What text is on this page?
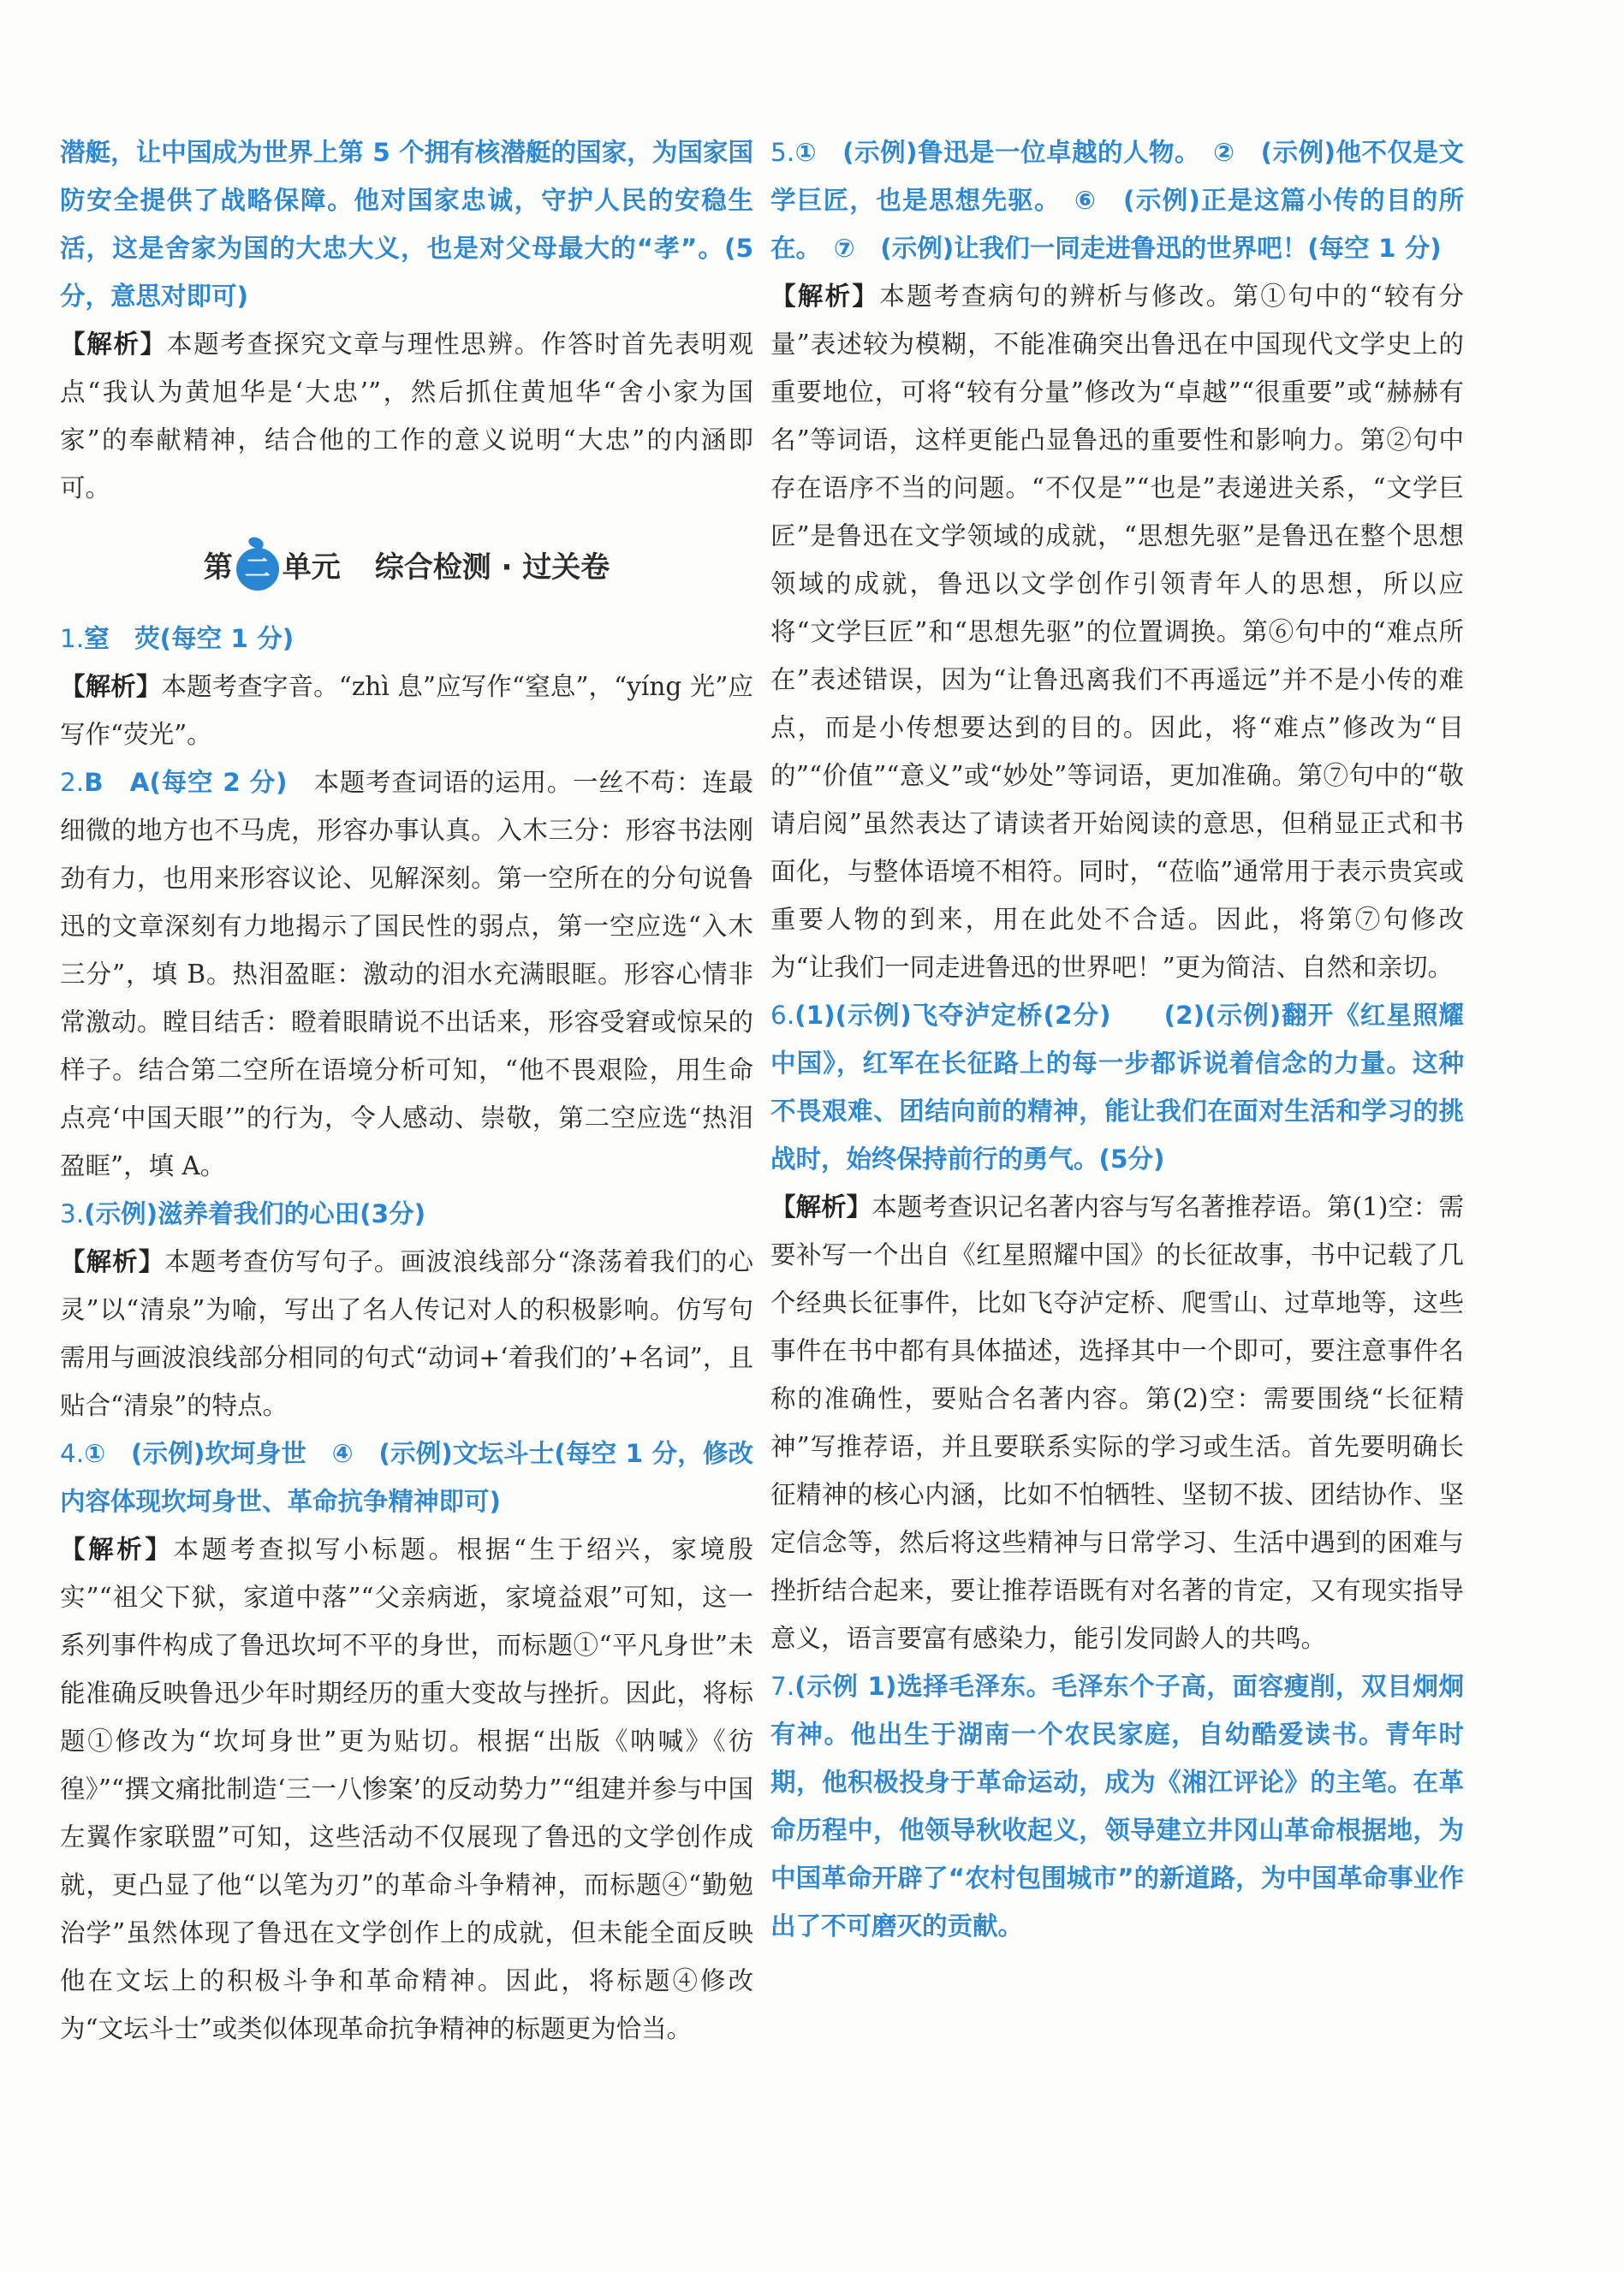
潜艇，让中国成为世界上第 5 个拥有核潜艇的国家，为国家国防安全提供了战略保障。他对国家忠诚，守护人民的安稳生活，这是舍家为国的大忠大义，也是对父母最大的“孝”。(5分，意思对即可)

【解析】本题考查探究文章与理性思辨。作答时首先表明观点“我认为黄旭华是‘大忠’”，然后抓住黄旭华“舍小家为国家”的奉献精神，结合他的工作的意义说明“大忠”的内涵即可。

第 二 单元 综合检测 · 过关卷

1.窒　荧(每空 1 分)

【解析】本题考查字音。“zhì 息”应写作“窒息”，“yíng 光”应写作“荧光”。

2.B　A(每空 2 分)　本题考查词语的运用。一丝不苟：连最细微的地方也不马虎，形容办事认真。入木三分：形容书法刚劲有力，也用来形容议论、见解深刻。第一空所在的分句说鲁迅的文章深刻有力地揭示了国民性的弱点，第一空应选“入木三分”，填 B。热泪盈眶：激动的泪水充满眼眶。形容心情非常激动。瞠目结舌：瞪着眼睛说不出话来，形容受窘或惊呆的样子。结合第二空所在语境分析可知，“他不畏艰险，用生命点亮‘中国天眼’”的行为，令人感动、崇敬，第二空应选“热泪盈眶”，填 A。

3.(示例)滋养着我们的心田(3分)

【解析】本题考查仿写句子。画波浪线部分“涤荡着我们的心灵”以“清泉”为喻，写出了名人传记对人的积极影响。仿写句需用与画波浪线部分相同的句式“动词+‘着我们的’+名词”，且贴合“清泉”的特点。

4.①　(示例)坎坷身世　④　(示例)文坛斗士(每空 1 分，修改内容体现坎坷身世、革命抗争精神即可)

【解析】本题考查拟写小标题。根据“生于绍兴，家境殷实”“祖父下狱，家道中落”“父亲病逝，家境益艰”可知，这一系列事件构成了鲁迅坎坷不平的身世，而标题①“平凡身世”未能准确反映鲁迅少年时期经历的重大变故与挫折。因此，将标题①修改为“坎坷身世”更为贴切。根据“出版《呐喊》《彷徨》”“撰文痛批制造‘三一八惨案’的反动势力”“组建并参与中国左翼作家联盟”可知，这些活动不仅展现了鲁迅的文学创作成就，更凸显了他“以笔为刃”的革命斗争精神，而标题④“勤勉治学”虽然体现了鲁迅在文学创作上的成就，但未能全面反映他在文坛上的积极斗争和革命精神。因此，将标题④修改为“文坛斗士”或类似体现革命抗争精神的标题更为恰当。

5.①　(示例)鲁迅是一位卓越的人物。　②　(示例)他不仅是文学巨匠，也是思想先驱。　⑥　(示例)正是这篇小传的目的所在。　⑦　(示例)让我们一同走进鲁迅的世界吧！(每空 1 分)

【解析】本题考查病句的辨析与修改。第①句中的“较有分量”表述较为模糊，不能准确突出鲁迅在中国现代文学史上的重要地位，可将“较有分量”修改为“卓越”“很重要”或“赫赫有名”等词语，这样更能凸显鲁迅的重要性和影响力。第②句中存在语序不当的问题。“不仅是”“也是”表递进关系，“文学巨匠”是鲁迅在文学领域的成就，“思想先驱”是鲁迅在整个思想领域的成就，鲁迅以文学创作引领青年人的思想，所以应将“文学巨匠”和“思想先驱”的位置调换。第⑥句中的“难点所在”表述错误，因为“让鲁迅离我们不再遥远”并不是小传的难点，而是小传想要达到的目的。因此，将“难点”修改为“目的”“价值”“意义”或“妙处”等词语，更加准确。第⑦句中的“敬请启阅”虽然表达了请读者开始阅读的意思，但稍显正式和书面化，与整体语境不相符。同时，“莅临”通常用于表示贵宾或重要人物的到来，用在此处不合适。因此，将第⑦句修改为“让我们一同走进鲁迅的世界吧！”更为简洁、自然和亲切。

6.(1)(示例)飞夺泸定桥(2分)　　(2)(示例)翻开《红星照耀中国》，红军在长征路上的每一步都诉说着信念的力量。这种不畏艰难、团结向前的精神，能让我们在面对生活和学习的挑战时，始终保持前行的勇气。(5分)

【解析】本题考查识记名著内容与写名著推荐语。第(1)空：需要补写一个出自《红星照耀中国》的长征故事，书中记载了几个经典长征事件，比如飞夺泸定桥、爬雪山、过草地等，这些事件在书中都有具体描述，选择其中一个即可，要注意事件名称的准确性，要贴合名著内容。第(2)空：需要围绕“长征精神”写推荐语，并且要联系实际的学习或生活。首先要明确长征精神的核心内涵，比如不怕牺牲、坚韧不拔、团结协作、坚定信念等，然后将这些精神与日常学习、生活中遇到的困难与挫折结合起来，要让推荐语既有对名著的肯定，又有现实指导意义，语言要富有感染力，能引发同龄人的共鸣。

7.(示例 1)选择毛泽东。毛泽东个子高，面容瘦削，双目炯炯有神。他出生于湖南一个农民家庭，自幼酷爱读书。青年时期，他积极投身于革命运动，成为《湘江评论》的主笔。在革命历程中，他领导秋收起义，领导建立井冈山革命根据地，为中国革命开辟了“农村包围城市”的新道路，为中国革命事业作出了不可磨灭的贡献。
